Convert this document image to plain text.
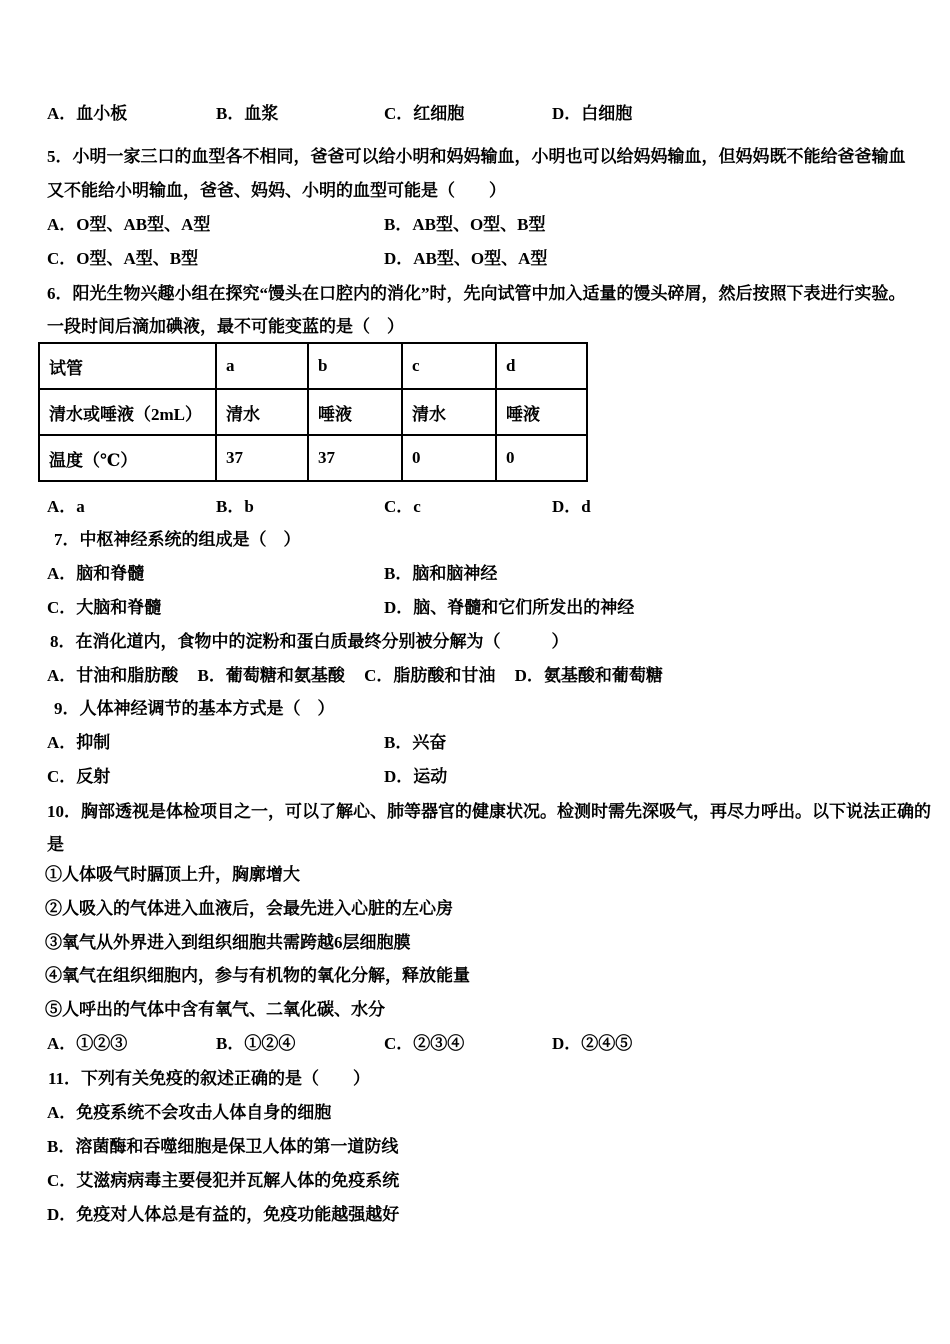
A．血小板	B．血浆	C．红细胞	D．白细胞
5．小明一家三口的血型各不相同，爸爸可以给小明和妈妈输血，小明也可以给妈妈输血，但妈妈既不能给爸爸输血
又不能给小明输血，爸爸、妈妈、小明的血型可能是（　　）
A．O型、AB型、A型	B．AB型、O型、B型
C．O型、A型、B型	D．AB型、O型、A型
6．阳光生物兴趣小组在探究“馒头在口腔内的消化”时，先向试管中加入适量的馒头碎屑，然后按照下表进行实验。
一段时间后滴加碘液，最不可能变蓝的是（　）
试管	a	b	c	d
清水或唾液（2mL）	清水	唾液	清水	唾液
温度（℃）	37	37	0	0
A．a	B．b	C．c	D．d
7．中枢神经系统的组成是（　）
A．脑和脊髓	B．脑和脑神经
C．大脑和脊髓	D．脑、脊髓和它们所发出的神经
8．在消化道内，食物中的淀粉和蛋白质最终分别被分解为（　　　）
A．甘油和脂肪酸 B．葡萄糖和氨基酸 C．脂肪酸和甘油 D．氨基酸和葡萄糖
9．人体神经调节的基本方式是（　）
A．抑制	B．兴奋
C．反射	D．运动
10．胸部透视是体检项目之一，可以了解心、肺等器官的健康状况。检测时需先深吸气，再尽力呼出。以下说法正确的
是
①人体吸气时膈顶上升，胸廓增大
②人吸入的气体进入血液后，会最先进入心脏的左心房
③氧气从外界进入到组织细胞共需跨越6层细胞膜
④氧气在组织细胞内，参与有机物的氧化分解，释放能量
⑤人呼出的气体中含有氧气、二氧化碳、水分
A．①②③	B．①②④	C．②③④	D．②④⑤
11．下列有关免疫的叙述正确的是（　　）
A．免疫系统不会攻击人体自身的细胞
B．溶菌酶和吞噬细胞是保卫人体的第一道防线
C．艾滋病病毒主要侵犯并瓦解人体的免疫系统
D．免疫对人体总是有益的，免疫功能越强越好
